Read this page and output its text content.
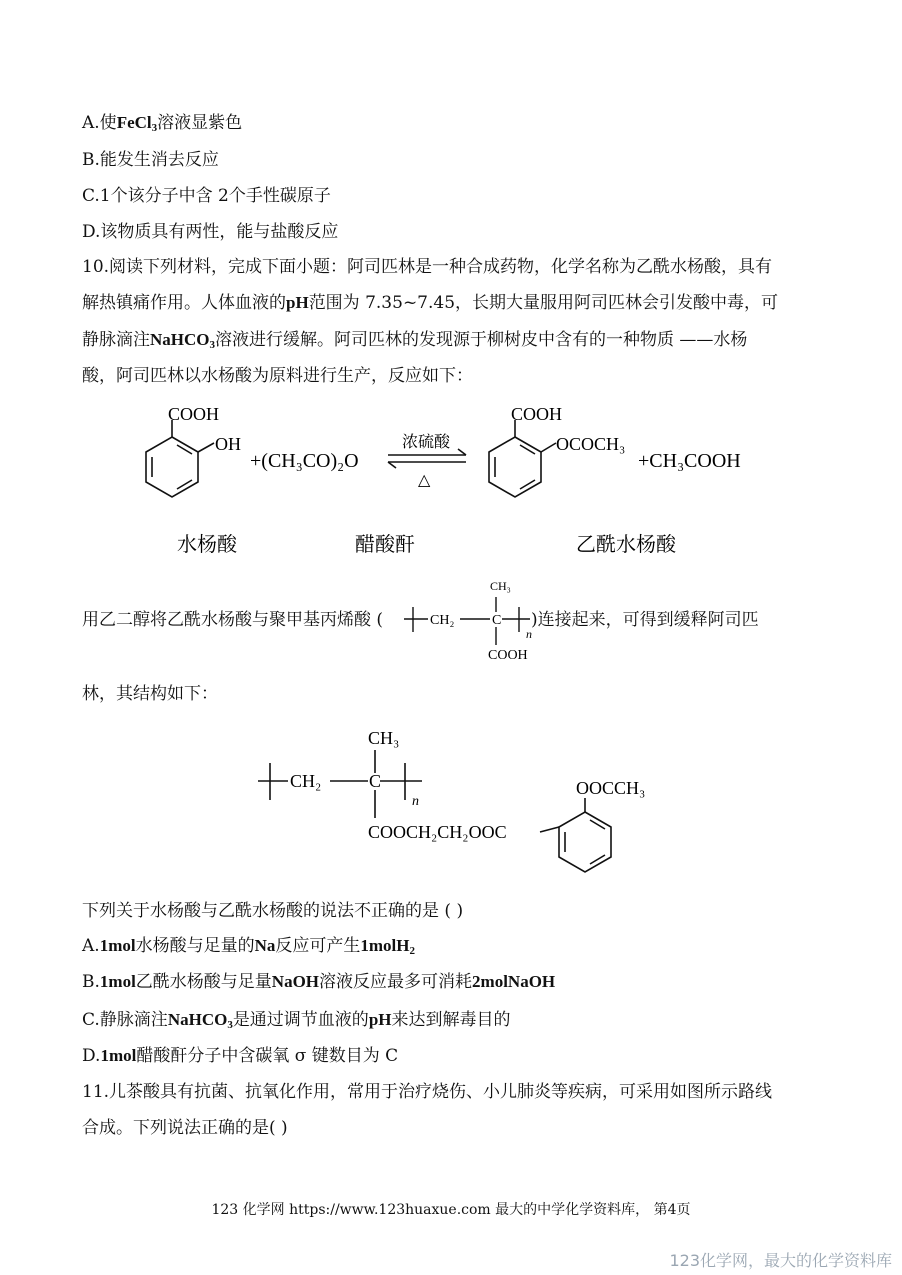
A.使FeCl$_3$溶液显紫色
B.能发生消去反应
C.1个该分子中含 2个手性碳原子
D.该物质具有两性，能与盐酸反应
10.阅读下列材料，完成下面小题：阿司匹林是一种合成药物，化学名称为乙酰水杨酸，具有
解热镇痛作用。人体血液的pH范围为 7.35~7.45，长期大量服用阿司匹林会引发酸中毒，可
静脉滴注NaHCO$_3$溶液进行缓解。阿司匹林的发现源于柳树皮中含有的一种物质 ——水杨
酸，阿司匹林以水杨酸为原料进行生产，反应如下：
COOH
OH
+(CH₃CO)₂O
浓硫酸
△
COOH
OCOCH₃
+CH₃COOH
水杨酸	醋酸酐	乙酰水杨酸
用乙二醇将乙酰水杨酸与聚甲基丙烯酸 (	)连接起来，可得到缓释阿司匹
CH₃
CH₂	C
n
COOH
林，其结构如下：
CH₃
CH₂	C
n
COOCH₂CH₂OOC
OOCCH₃
下列关于水杨酸与乙酰水杨酸的说法不正确的是 ( )
A.1mol水杨酸与足量的Na反应可产生1molH$_2$
B.1mol乙酰水杨酸与足量NaOH溶液反应最多可消耗2molNaOH
C.静脉滴注NaHCO$_3$是通过调节血液的pH来达到解毒目的
D.1mol醋酸酐分子中含碳氧 σ 键数目为 C
11.儿茶酸具有抗菌、抗氧化作用，常用于治疗烧伤、小儿肺炎等疾病，可采用如图所示路线
合成。下列说法正确的是( )
123 化学网 https://www.123huaxue.com 最大的中学化学资料库， 第4页
123化学网，最大的化学资料库
